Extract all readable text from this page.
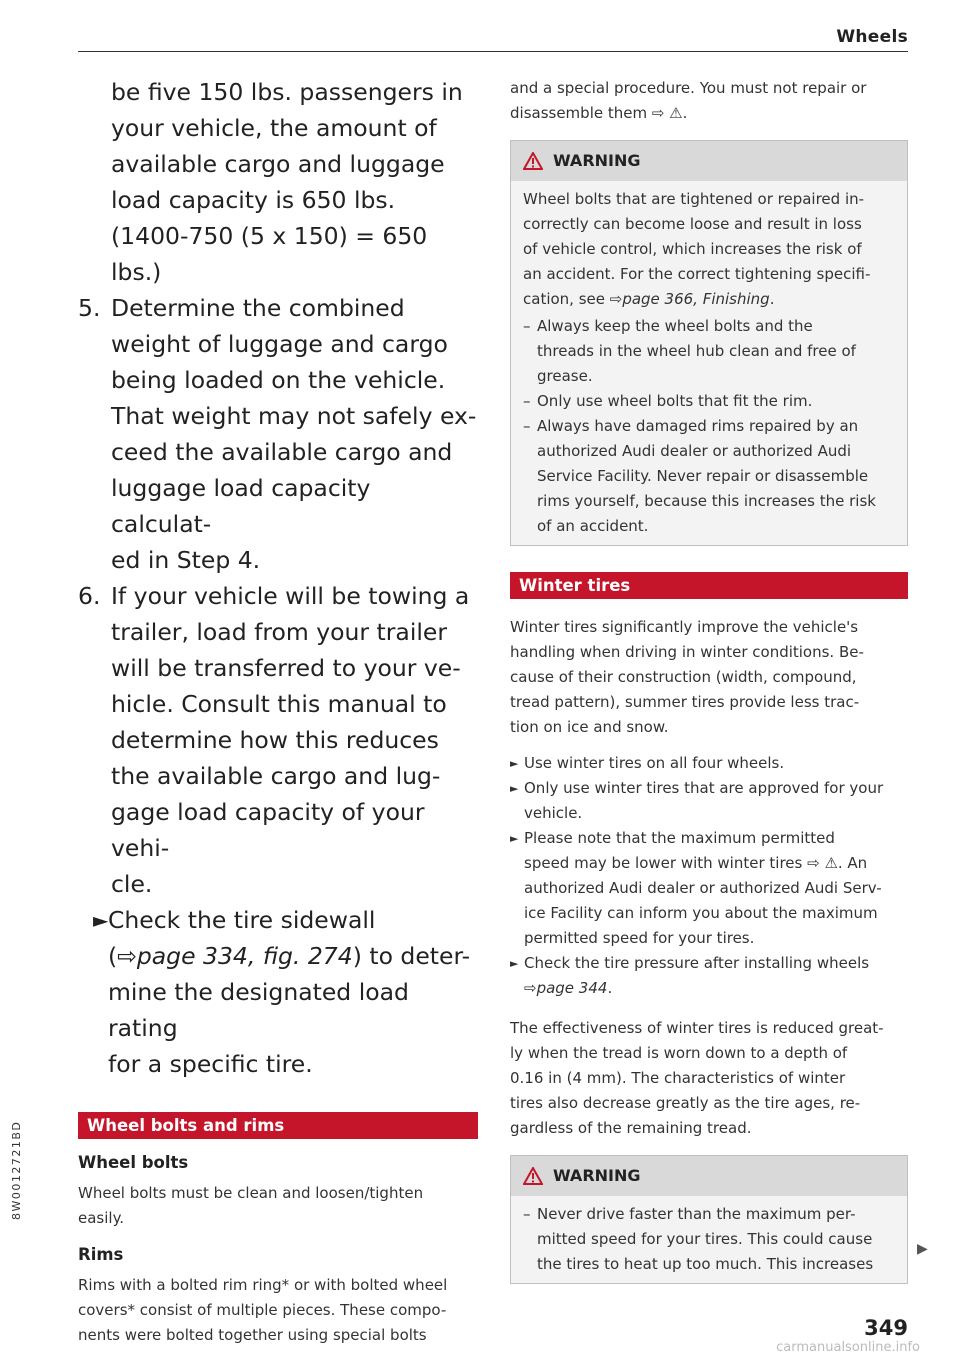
Wheels

be five 150 lbs. passengers in

your vehicle, the amount of

available cargo and luggage

load capacity is 650 lbs.

(1400-750 (5 x 150) = 650

lbs.)

5. Determine the combined

weight of luggage and cargo

being loaded on the vehicle.

That weight may not safely ex-

ceed the available cargo and

luggage load capacity calculat-

ed in Step 4.

6. If your vehicle will be towing a

trailer, load from your trailer

will be transferred to your ve-

hicle. Consult this manual to

determine how this reduces

the available cargo and lug-

gage load capacity of your vehi-

cle.

► Check the tire sidewall

(⇨page 334, fig. 274) to deter-

mine the designated load rating

for a specific tire.

Wheel bolts and rims
Wheel bolts

Wheel bolts must be clean and loosen/tighten

easily.

Rims

Rims with a bolted rim ring* or with bolted wheel

covers* consist of multiple pieces. These compo-

nents were bolted together using special bolts

and a special procedure. You must not repair or

disassemble them ⇨ ⚠.

WARNING

Wheel bolts that are tightened or repaired in-

correctly can become loose and result in loss

of vehicle control, which increases the risk of

an accident. For the correct tightening specifi-

cation, see ⇨page 366, Finishing.

– Always keep the wheel bolts and the

threads in the wheel hub clean and free of

grease.

– Only use wheel bolts that fit the rim.

– Always have damaged rims repaired by an

authorized Audi dealer or authorized Audi

Service Facility. Never repair or disassemble

rims yourself, because this increases the risk

of an accident.

Winter tires

Winter tires significantly improve the vehicle's

handling when driving in winter conditions. Be-

cause of their construction (width, compound,

tread pattern), summer tires provide less trac-

tion on ice and snow.

► Use winter tires on all four wheels.

► Only use winter tires that are approved for your

vehicle.

► Please note that the maximum permitted

speed may be lower with winter tires ⇨ ⚠. An

authorized Audi dealer or authorized Audi Serv-

ice Facility can inform you about the maximum

permitted speed for your tires.

► Check the tire pressure after installing wheels

⇨page 344.

The effectiveness of winter tires is reduced great-

ly when the tread is worn down to a depth of

0.16 in (4 mm). The characteristics of winter

tires also decrease greatly as the tire ages, re-

gardless of the remaining tread.

WARNING
– Never drive faster than the maximum per-

mitted speed for your tires. This could cause

the tires to heat up too much. This increases

▶
8W0012721BD
349
carmanualsonline.info
